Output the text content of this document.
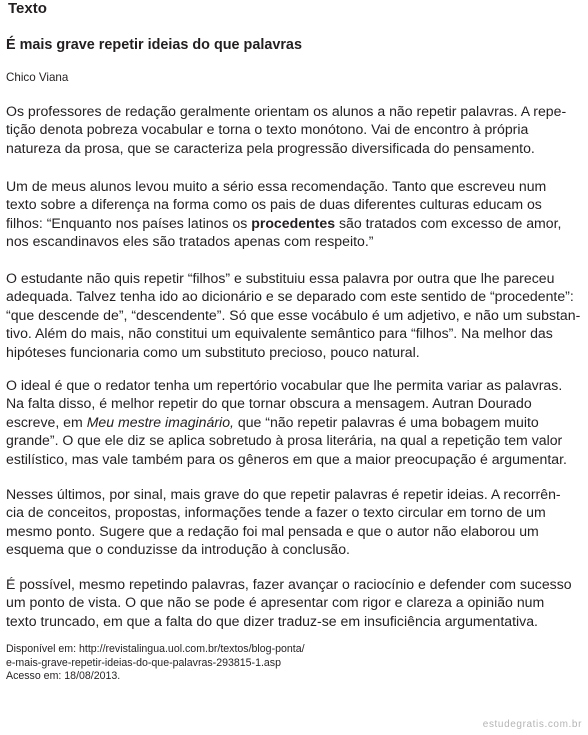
Texto
É mais grave repetir ideias do que palavras
Chico Viana

Os professores de redação geralmente orientam os alunos a não repetir palavras. A repe-
tição denota pobreza vocabular e torna o texto monótono. Vai de encontro à própria
natureza da prosa, que se caracteriza pela progressão diversificada do pensamento.

Um de meus alunos levou muito a sério essa recomendação. Tanto que escreveu num
texto sobre a diferença na forma como os pais de duas diferentes culturas educam os
filhos: “Enquanto nos países latinos os procedentes são tratados com excesso de amor,
nos escandinavos eles são tratados apenas com respeito.”

O estudante não quis repetir “filhos” e substituiu essa palavra por outra que lhe pareceu
adequada. Talvez tenha ido ao dicionário e se deparado com este sentido de “procedente”:
“que descende de”, “descendente”. Só que esse vocábulo é um adjetivo, e não um substan-
tivo. Além do mais, não constitui um equivalente semântico para “filhos”. Na melhor das
hipóteses funcionaria como um substituto precioso, pouco natural.

O ideal é que o redator tenha um repertório vocabular que lhe permita variar as palavras.
Na falta disso, é melhor repetir do que tornar obscura a mensagem. Autran Dourado
escreve, em Meu mestre imaginário, que “não repetir palavras é uma bobagem muito
grande”. O que ele diz se aplica sobretudo à prosa literária, na qual a repetição tem valor
estilístico, mas vale também para os gêneros em que a maior preocupação é argumentar.

Nesses últimos, por sinal, mais grave do que repetir palavras é repetir ideias. A recorrên-
cia de conceitos, propostas, informações tende a fazer o texto circular em torno de um
mesmo ponto. Sugere que a redação foi mal pensada e que o autor não elaborou um
esquema que o conduzisse da introdução à conclusão.

É possível, mesmo repetindo palavras, fazer avançar o raciocínio e defender com sucesso
um ponto de vista. O que não se pode é apresentar com rigor e clareza a opinião num
texto truncado, em que a falta do que dizer traduz-se em insuficiência argumentativa.

Disponível em: http://revistalingua.uol.com.br/textos/blog-ponta/
e-mais-grave-repetir-ideias-do-que-palavras-293815-1.asp
Acesso em: 18/08/2013.
estudegratis.com.br
